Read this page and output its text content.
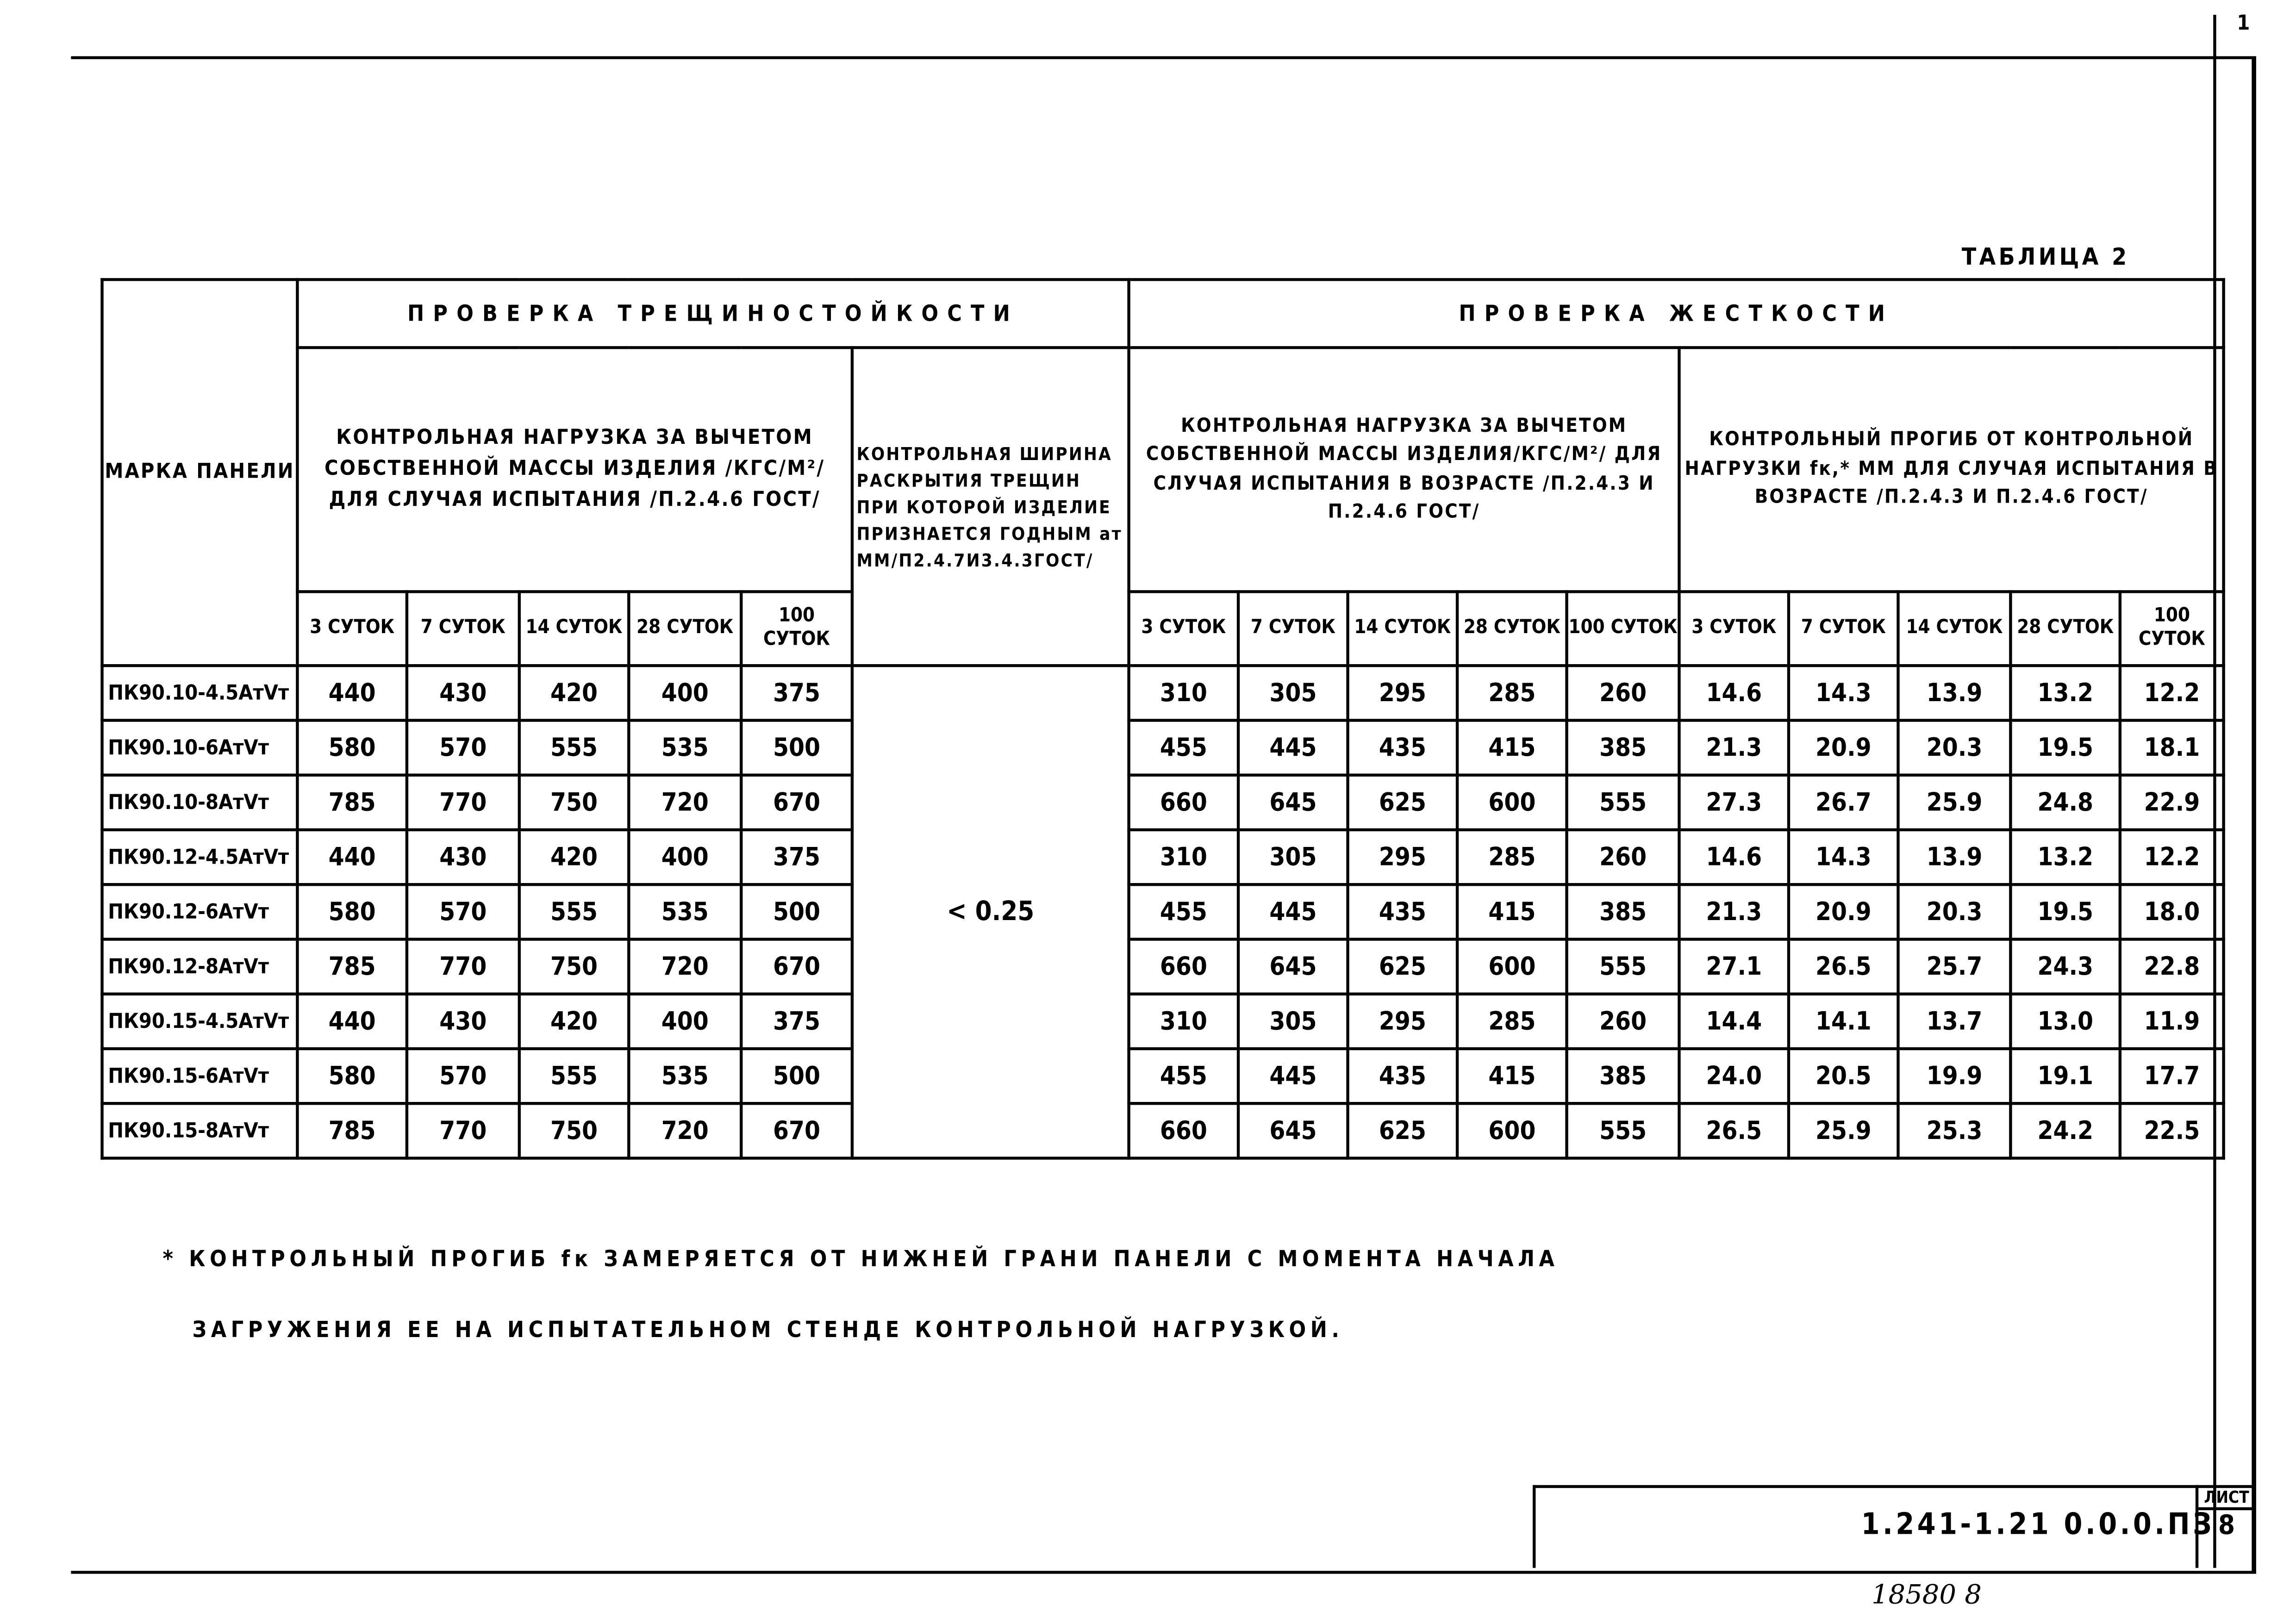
1
ТАБЛИЦА 2
МАРКА ПАНЕЛИ	ПРОВЕРКА ТРЕЩИНОСТОЙКОСТИ						ПРОВЕРКА ЖЕСТКОСТИ									
	КОНТРОЛЬНАЯ НАГРУЗКА ЗА ВЫЧЕТОМ СОБСТВЕННОЙ МАССЫ ИЗДЕЛИЯ /КГС/М²/ ДЛЯ СЛУЧАЯ ИСПЫТАНИЯ /П.2.4.6 ГОСТ/					КОНТРОЛЬНАЯ ШИРИНА РАСКРЫТИЯ ТРЕЩИН ПРИ КОТОРОЙ ИЗДЕЛИЕ ПРИЗНАЕТСЯ ГОДНЫМ aт ММ/П2.4.7И3.4.3ГОСТ/	КОНТРОЛЬНАЯ НАГРУЗКА ЗА ВЫЧЕТОМ СОБСТВЕННОЙ МАССЫ ИЗДЕЛИЯ/КГС/М²/ ДЛЯ СЛУЧАЯ ИСПЫТАНИЯ В ВОЗРАСТЕ /П.2.4.3 И П.2.4.6 ГОСТ/					КОНТРОЛЬНЫЙ ПРОГИБ ОТ КОНТРОЛЬНОЙ НАГРУЗКИ fк,* ММ ДЛЯ СЛУЧАЯ ИСПЫТАНИЯ В ВОЗРАСТЕ /П.2.4.3 И П.2.4.6 ГОСТ/				
	3 СУТОК	7 СУТОК	14 СУТОК	28 СУТОК	100 СУТОК		3 СУТОК	7 СУТОК	14 СУТОК	28 СУТОК	100 СУТОК	3 СУТОК	7 СУТОК	14 СУТОК	28 СУТОК	100 СУТОК
ПК90.10-4.5АтⅤт	440	430	420	400	375	< 0.25	310	305	295	285	260	14.6	14.3	13.9	13.2	12.2
ПК90.10-6АтⅤт	580	570	555	535	500		455	445	435	415	385	21.3	20.9	20.3	19.5	18.1
ПК90.10-8АтⅤт	785	770	750	720	670		660	645	625	600	555	27.3	26.7	25.9	24.8	22.9
ПК90.12-4.5АтⅤт	440	430	420	400	375		310	305	295	285	260	14.6	14.3	13.9	13.2	12.2
ПК90.12-6АтⅤт	580	570	555	535	500		455	445	435	415	385	21.3	20.9	20.3	19.5	18.0
ПК90.12-8АтⅤт	785	770	750	720	670		660	645	625	600	555	27.1	26.5	25.7	24.3	22.8
ПК90.15-4.5АтⅤт	440	430	420	400	375		310	305	295	285	260	14.4	14.1	13.7	13.0	11.9
ПК90.15-6АтⅤт	580	570	555	535	500		455	445	435	415	385	24.0	20.5	19.9	19.1	17.7
ПК90.15-8АтⅤт	785	770	750	720	670		660	645	625	600	555	26.5	25.9	25.3	24.2	22.5
* КОНТРОЛЬНЫЙ ПРОГИБ fк ЗАМЕРЯЕТСЯ ОТ НИЖНЕЙ ГРАНИ ПАНЕЛИ С МОМЕНТА НАЧАЛА
ЗАГРУЖЕНИЯ ЕЕ НА ИСПЫТАТЕЛЬНОМ СТЕНДЕ КОНТРОЛЬНОЙ НАГРУЗКОЙ.
1.241-1.21 0.0.0.ПЗ
ЛИСТ
8
18580 8
